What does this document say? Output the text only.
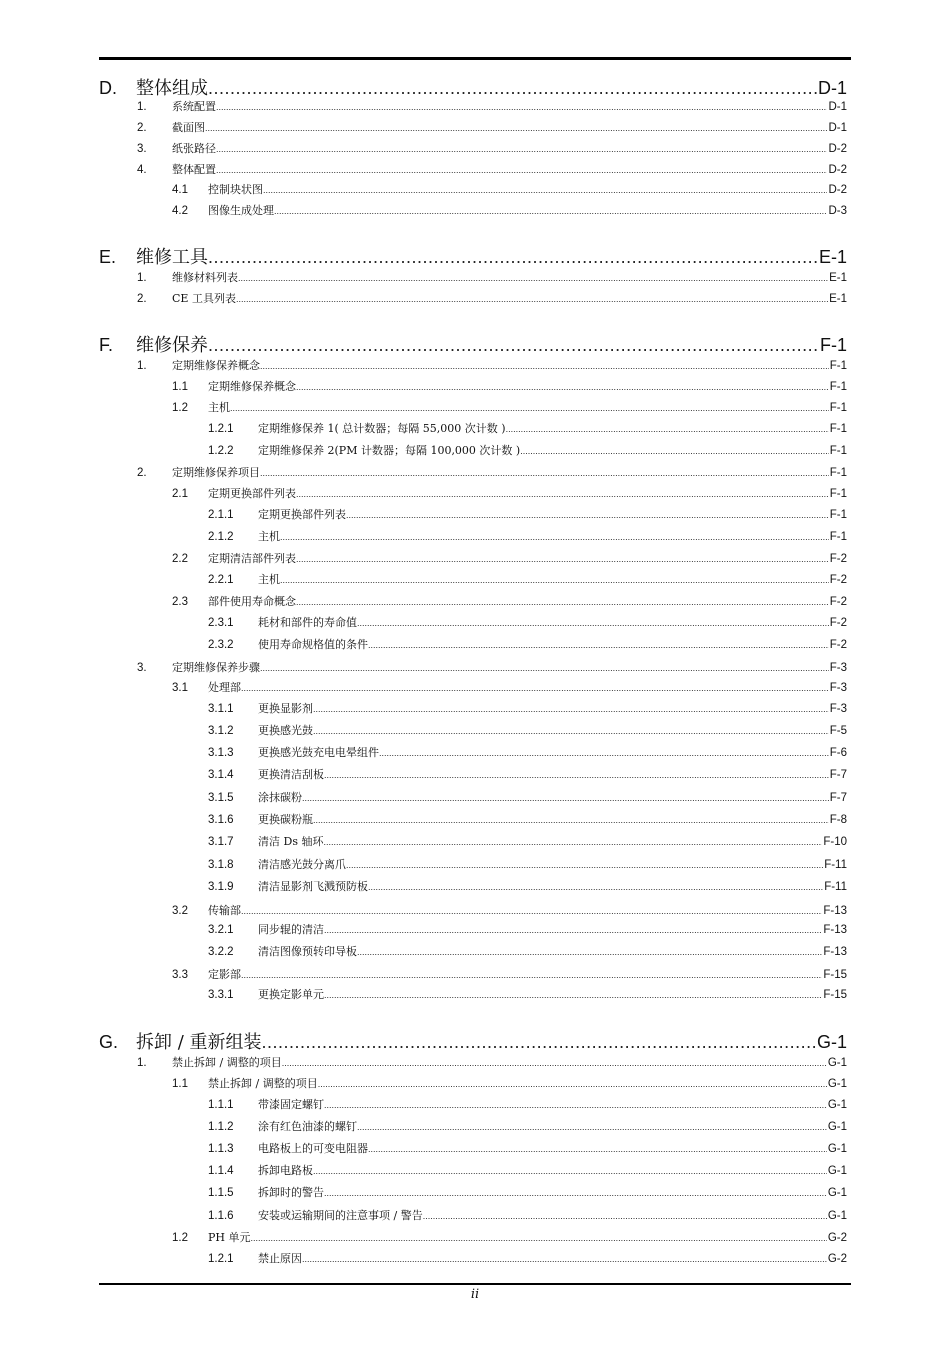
D.	整体组成 .....	D-1
1.	系统配置 .....	D-1
2.	截面图 .....	D-1
3.	纸张路径 .....	D-2
4.	整体配置 .....	D-2
4.1	控制块状图 .....	D-2
4.2	图像生成处理 .....	D-3
E.	维修工具 .....	E-1
1.	维修材料列表 .....	E-1
2.	CE 工具列表 .....	E-1
F.	维修保养 .....	F-1
1.	定期维修保养概念 .....	F-1
1.1	定期维修保养概念 .....	F-1
1.2	主机 .....	F-1
1.2.1	定期维修保养 1( 总计数器；每隔 55,000 次计数 ) .....	F-1
1.2.2	定期维修保养 2(PM 计数器；每隔 100,000 次计数 ) .....	F-1
2.	定期维修保养项目 .....	F-1
2.1	定期更换部件列表 .....	F-1
2.1.1	定期更换部件列表 .....	F-1
2.1.2	主机 .....	F-1
2.2	定期清洁部件列表 .....	F-2
2.2.1	主机 .....	F-2
2.3	部件使用寿命概念 .....	F-2
2.3.1	耗材和部件的寿命值 .....	F-2
2.3.2	使用寿命规格值的条件 .....	F-2
3.	定期维修保养步骤 .....	F-3
3.1	处理部 .....	F-3
3.1.1	更换显影剂 .....	F-3
3.1.2	更换感光鼓 .....	F-5
3.1.3	更换感光鼓充电电晕组件 .....	F-6
3.1.4	更换清洁刮板 .....	F-7
3.1.5	涂抹碳粉 .....	F-7
3.1.6	更换碳粉瓶 .....	F-8
3.1.7	清洁 Ds 轴环 .....	F-10
3.1.8	清洁感光鼓分离爪 .....	F-11
3.1.9	清洁显影剂飞溅预防板 .....	F-11
3.2	传输部 .....	F-13
3.2.1	同步辊的清洁 .....	F-13
3.2.2	清洁图像预转印导板 .....	F-13
3.3	定影部 .....	F-15
3.3.1	更换定影单元 .....	F-15
G. 拆卸 / 重新组装 .....	G-1
1.	禁止拆卸 / 调整的项目 .....	G-1
1.1	禁止拆卸 / 调整的项目 .....	G-1
1.1.1	带漆固定螺钉 .....	G-1
1.1.2	涂有红色油漆的螺钉 .....	G-1
1.1.3	电路板上的可变电阻器 .....	G-1
1.1.4	拆卸电路板 .....	G-1
1.1.5	拆卸时的警告 .....	G-1
1.1.6	安装或运输期间的注意事项 / 警告 .....	G-1
1.2	PH 单元 .....	G-2
1.2.1	禁止原因 .....	G-2
ii
